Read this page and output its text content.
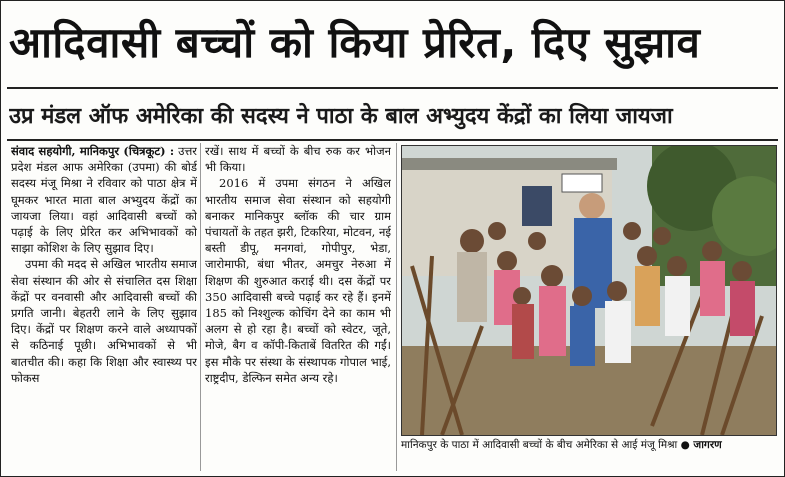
आदिवासी बच्चों को किया प्रेरित, दिए सुझाव
उप्र मंडल ऑफ अमेरिका की सदस्य ने पाठा के बाल अभ्युदय केंद्रों का लिया जायजा

संवाद सहयोगी, मानिकपुर (चित्रकूट) : उत्तर प्रदेश मंडल आफ अमेरिका (उपमा) की बोर्ड सदस्य मंजू मिश्रा ने रविवार को पाठा क्षेत्र में घूमकर भारत माता बाल अभ्युदय केंद्रों का जायजा लिया। वहां आदिवासी बच्चों को पढ़ाई के लिए प्रेरित कर अभिभावकों को साझा कोशिश के लिए सुझाव दिए।

उपमा की मदद से अखिल भारतीय समाज सेवा संस्थान की ओर से संचालित दस शिक्षा केंद्रों पर वनवासी और आदिवासी बच्चों की प्रगति जानी। बेहतरी लाने के लिए सुझाव दिए। केंद्रों पर शिक्षण करने वाले अध्यापकों से कठिनाई पूछी। अभिभावकों से भी बातचीत की। कहा कि शिक्षा और स्वास्थ्य पर फोकस

रखें। साथ में बच्चों के बीच रुक कर भोजन भी किया।

2016 में उपमा संगठन ने अखिल भारतीय समाज सेवा संस्थान को सहयोगी बनाकर मानिकपुर ब्लॉक की चार ग्राम पंचायतों के तहत झरी, टिकरिया, मोटवन, नई बस्ती डीपू, मनगवां, गोपीपुर, भेडा, जारोमाफी, बंधा भीतर, अमचुर नेरुआ में शिक्षण की शुरुआत कराई थी। दस केंद्रों पर 350 आदिवासी बच्चे पढ़ाई कर रहे हैं। इनमें 185 को निश्शुल्क कोचिंग देने का काम भी अलग से हो रहा है। बच्चों को स्वेटर, जूते, मोजे, बैग व कॉपी-किताबें वितरित की गईं। इस मौके पर संस्था के संस्थापक गोपाल भाई, राष्ट्रदीप, डेल्फिन समेत अन्य रहे।

मानिकपुर के पाठा में आदिवासी बच्चों के बीच अमेरिका से आई मंजू मिश्रा ● जागरण
